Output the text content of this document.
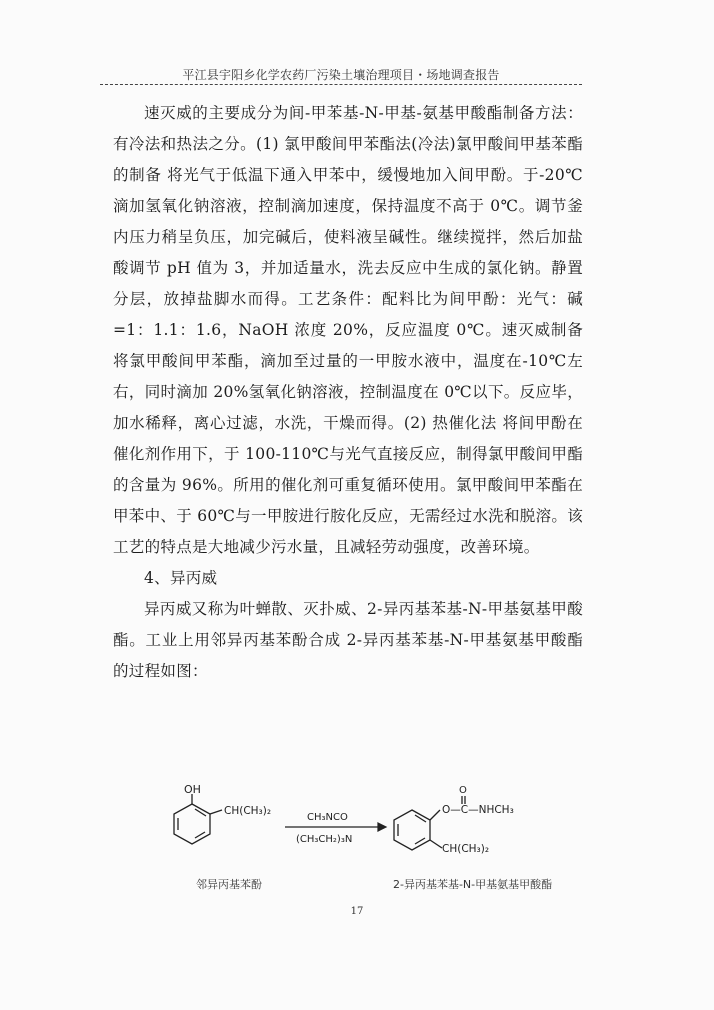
平江县宇阳乡化学农药厂污染土壤治理项目・场地调查报告

速灭威的主要成分为间-甲苯基-N-甲基-氨基甲酸酯制备方法：有冷法和热法之分。(1) 氯甲酸间甲苯酯法(冷法)氯甲酸间甲基苯酯的制备 将光气于低温下通入甲苯中，缓慢地加入间甲酚。于-20℃滴加氢氧化钠溶液，控制滴加速度，保持温度不高于 0℃。调节釜内压力稍呈负压，加完碱后，使料液呈碱性。继续搅拌，然后加盐酸调节 pH 值为 3，并加适量水，洗去反应中生成的氯化钠。静置分层，放掉盐脚水而得。工艺条件：配料比为间甲酚：光气：碱=1：1.1：1.6，NaOH 浓度 20%，反应温度 0℃。速灭威制备 将氯甲酸间甲苯酯，滴加至过量的一甲胺水液中，温度在-10℃左右，同时滴加 20%氢氧化钠溶液，控制温度在 0℃以下。反应毕，加水稀释，离心过滤，水洗，干燥而得。(2) 热催化法 将间甲酚在催化剂作用下，于 100-110℃与光气直接反应，制得氯甲酸间甲酯的含量为 96%。所用的催化剂可重复循环使用。氯甲酸间甲苯酯在甲苯中、于 60℃与一甲胺进行胺化反应，无需经过水洗和脱溶。该工艺的特点是大地减少污水量，且减轻劳动强度，改善环境。

4、异丙威

异丙威又称为叶蝉散、灭扑威、2-异丙基苯基-N-甲基氨基甲酸酯。工业上用邻异丙基苯酚合成 2-异丙基苯基-N-甲基氨基甲酸酯的过程如图：

OH
CH(CH₃)₂
CH₃NCO
(CH₃CH₂)₃N
O
O—C—NHCH₃
CH(CH₃)₂
邻异丙基苯酚	2-异丙基苯基-N-甲基氨基甲酸酯
17
